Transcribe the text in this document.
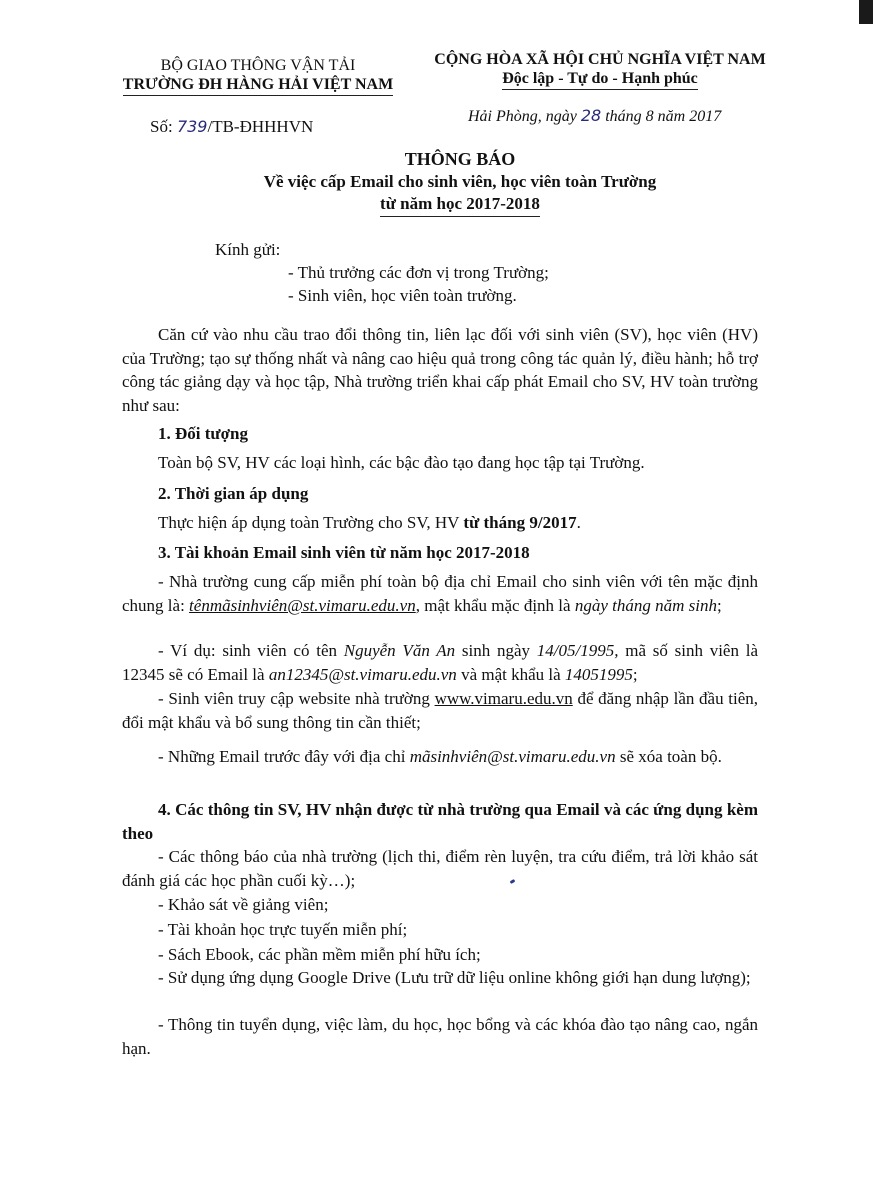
BỘ GIAO THÔNG VẬN TẢI
TRƯỜNG ĐH HÀNG HẢI VIỆT NAM
CỘNG HÒA XÃ HỘI CHỦ NGHĨA VIỆT NAM
Độc lập - Tự do - Hạnh phúc
Số: 739/TB-ĐHHHVN
Hải Phòng, ngày 28 tháng 8 năm 2017
THÔNG BÁO
Về việc cấp Email cho sinh viên, học viên toàn Trường
từ năm học 2017-2018
Kính gửi:
- Thủ trưởng các đơn vị trong Trường;
- Sinh viên, học viên toàn trường.

Căn cứ vào nhu cầu trao đổi thông tin, liên lạc đối với sinh viên (SV), học viên (HV) của Trường; tạo sự thống nhất và nâng cao hiệu quả trong công tác quản lý, điều hành; hỗ trợ công tác giảng dạy và học tập, Nhà trường triển khai cấp phát Email cho SV, HV toàn trường như sau:

1. Đối tượng
Toàn bộ SV, HV các loại hình, các bậc đào tạo đang học tập tại Trường.
2. Thời gian áp dụng
Thực hiện áp dụng toàn Trường cho SV, HV từ tháng 9/2017.
3. Tài khoản Email sinh viên từ năm học 2017-2018

- Nhà trường cung cấp miễn phí toàn bộ địa chỉ Email cho sinh viên với tên mặc định chung là: tênmãsinhviên@st.vimaru.edu.vn, mật khẩu mặc định là ngày tháng năm sinh;

- Ví dụ: sinh viên có tên Nguyễn Văn An sinh ngày 14/05/1995, mã số sinh viên là 12345 sẽ có Email là an12345@st.vimaru.edu.vn và mật khẩu là 14051995;

- Sinh viên truy cập website nhà trường www.vimaru.edu.vn để đăng nhập lần đầu tiên, đổi mật khẩu và bổ sung thông tin cần thiết;

- Những Email trước đây với địa chỉ mãsinhviên@st.vimaru.edu.vn sẽ xóa toàn bộ.

4. Các thông tin SV, HV nhận được từ nhà trường qua Email và các ứng dụng kèm theo

- Các thông báo của nhà trường (lịch thi, điểm rèn luyện, tra cứu điểm, trả lời khảo sát đánh giá các học phần cuối kỳ…);

- Khảo sát về giảng viên;

- Tài khoản học trực tuyến miễn phí;

- Sách Ebook, các phần mềm miễn phí hữu ích;

- Sử dụng ứng dụng Google Drive (Lưu trữ dữ liệu online không giới hạn dung lượng);

- Thông tin tuyển dụng, việc làm, du học, học bổng và các khóa đào tạo nâng cao, ngắn hạn.
